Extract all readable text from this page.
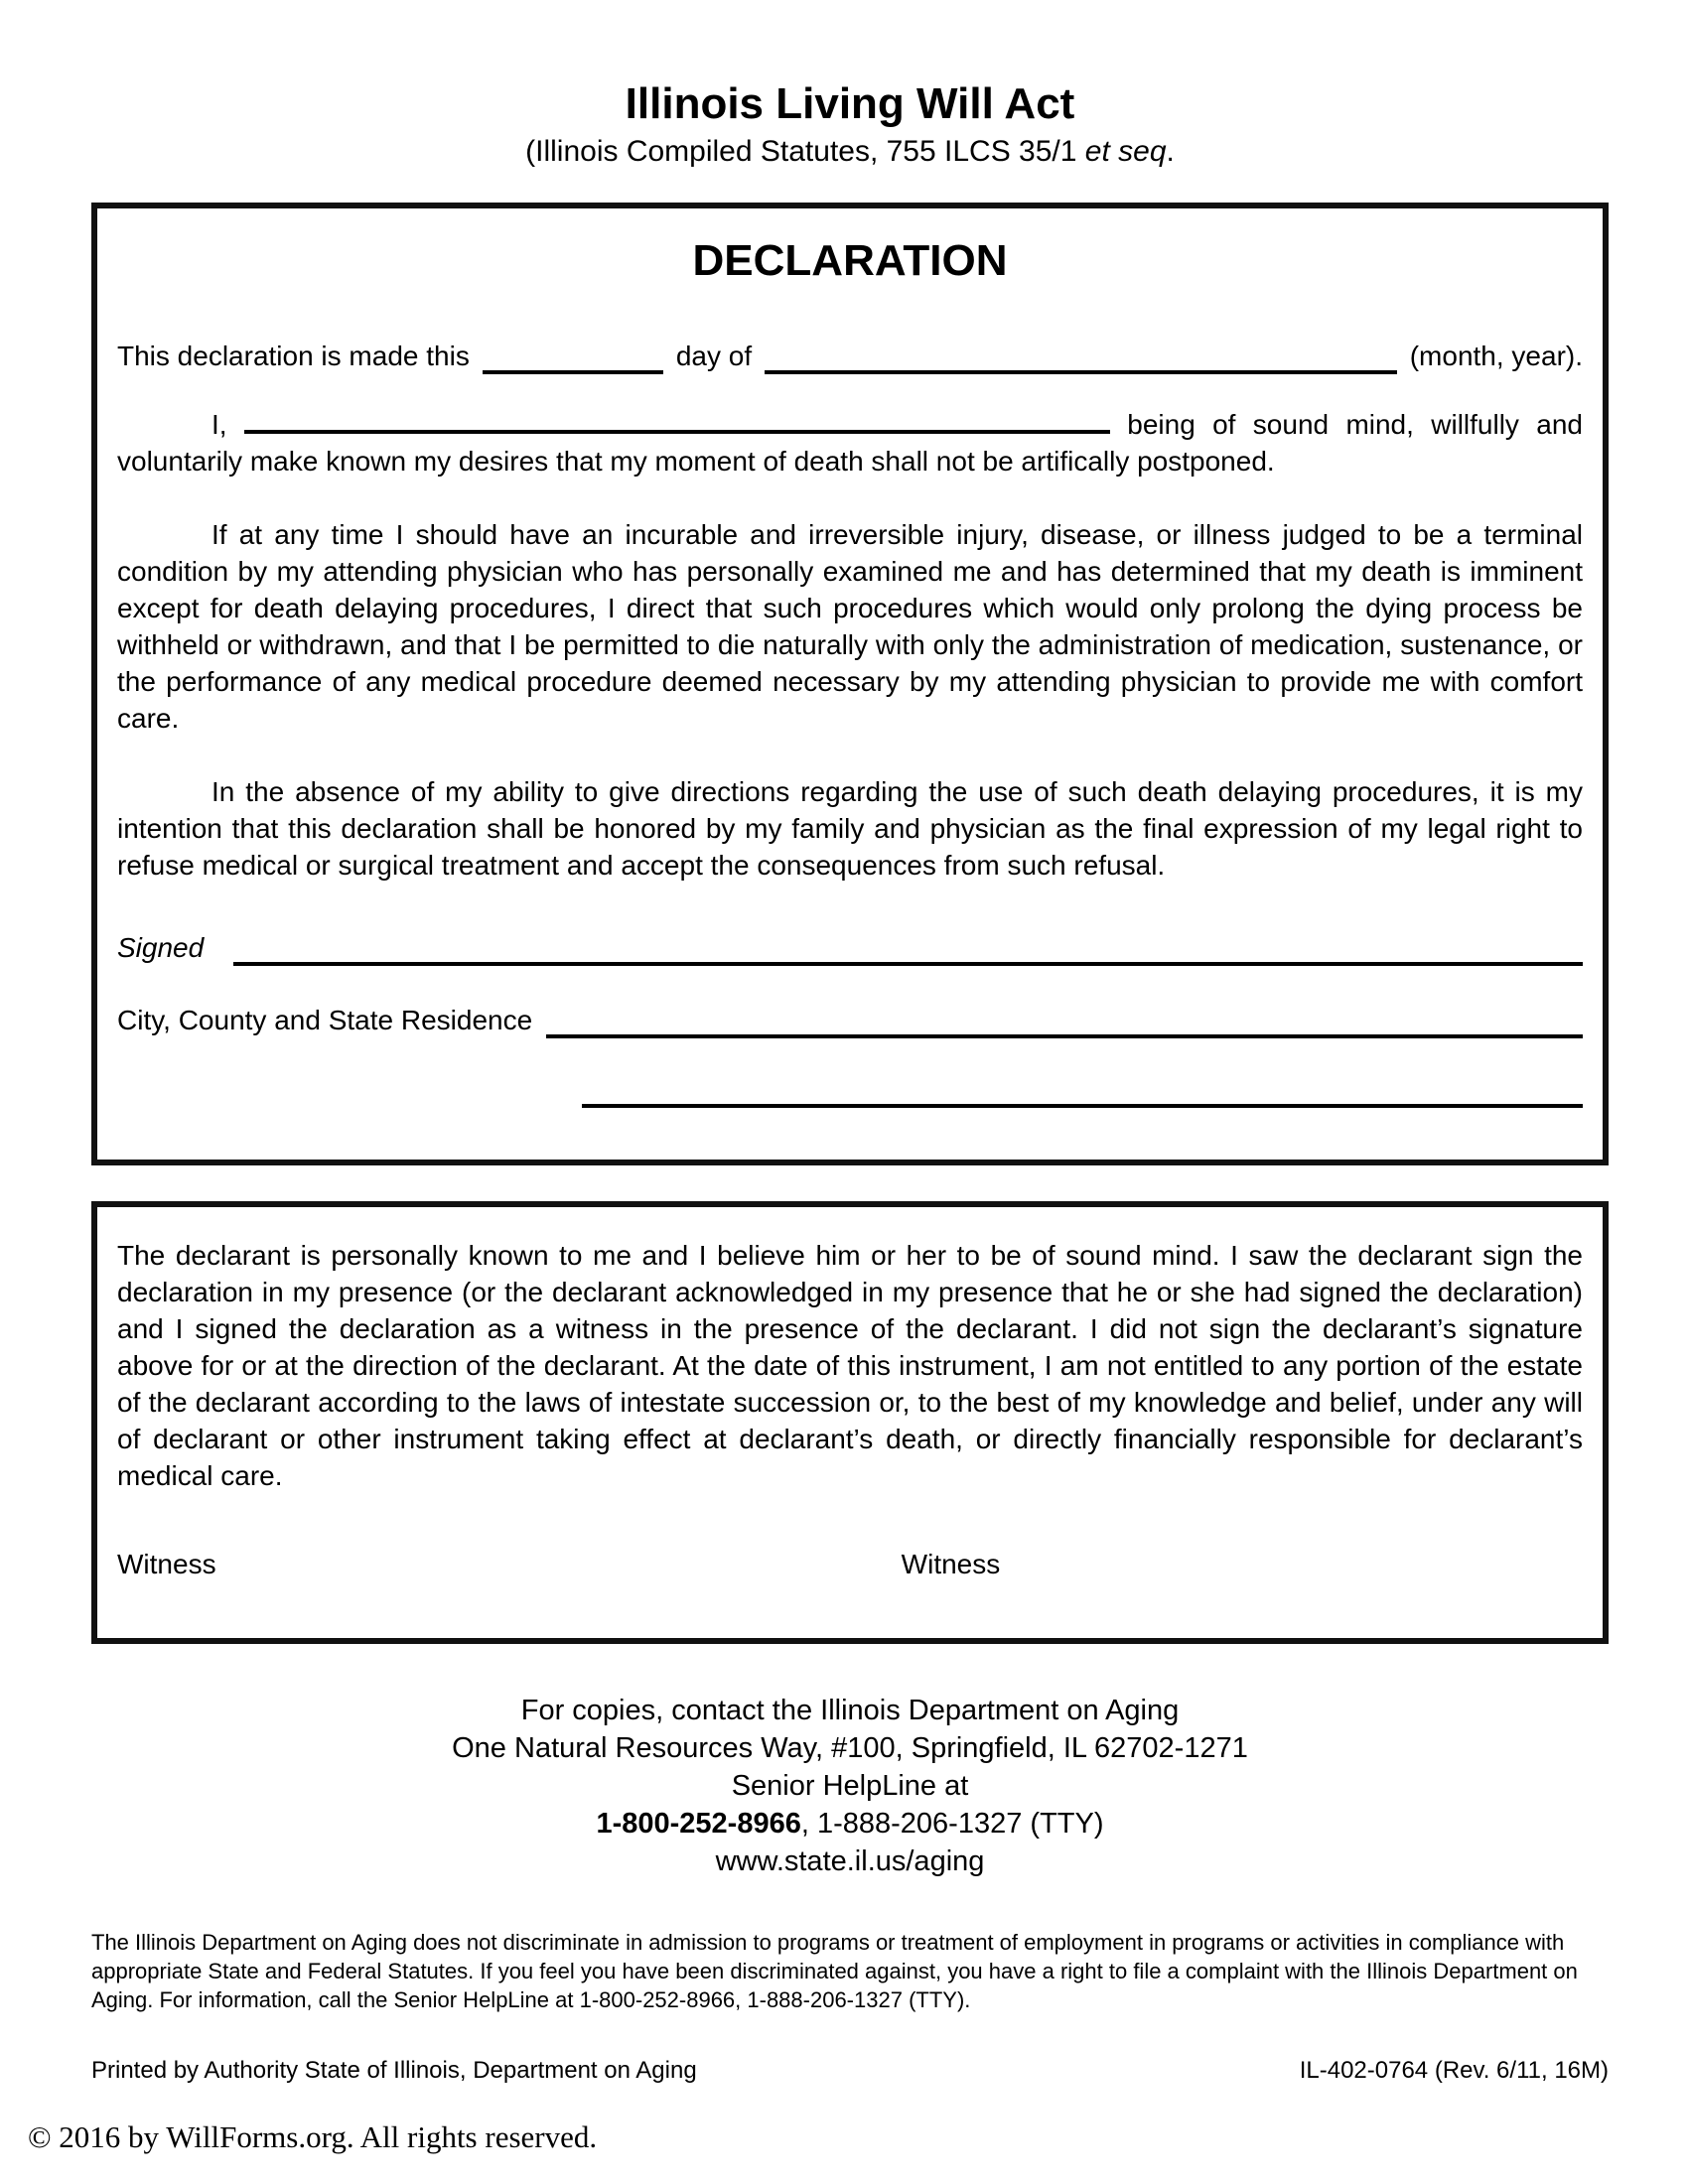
Illinois Living Will Act

(Illinois Compiled Statutes, 755 ILCS 35/1 et seq.

DECLARATION
This declaration is made this	day of	(month, year).

I,	being of sound mind, willfully and voluntarily make known my desires that my moment of death shall not be artifically postponed.

If at any time I should have an incurable and irreversible injury, disease, or illness judged to be a terminal condition by my attending physician who has personally examined me and has determined that my death is imminent except for death delaying procedures, I direct that such procedures which would only prolong the dying process be withheld or withdrawn, and that I be permitted to die naturally with only the administration of medication, sustenance, or the performance of any medical procedure deemed necessary by my attending physician to provide me with comfort care.

In the absence of my ability to give directions regarding the use of such death delaying procedures, it is my intention that this declaration shall be honored by my family and physician as the final expression of my legal right to refuse medical or surgical treatment and accept the consequences from such refusal.

Signed
City, County and State Residence

The declarant is personally known to me and I believe him or her to be of sound mind. I saw the declarant sign the declaration in my presence (or the declarant acknowledged in my presence that he or she had signed the declaration) and I signed the declaration as a witness in the presence of the declarant. I did not sign the declarant’s signature above for or at the direction of the declarant. At the date of this instrument, I am not entitled to any portion of the estate of the declarant according to the laws of intestate succession or, to the best of my knowledge and belief, under any will of declarant or other instrument taking effect at declarant’s death, or directly financially responsible for declarant’s medical care.

Witness	Witness
For copies, contact the Illinois Department on Aging
One Natural Resources Way, #100, Springfield, IL 62702-1271
Senior HelpLine at
1-800-252-8966, 1-888-206-1327 (TTY)
www.state.il.us/aging

The Illinois Department on Aging does not discriminate in admission to programs or treatment of employment in programs or activities in compliance with appropriate State and Federal Statutes. If you feel you have been discriminated against, you have a right to file a complaint with the Illinois Department on Aging. For information, call the Senior HelpLine at 1-800-252-8966, 1-888-206-1327 (TTY).

Printed by Authority State of Illinois, Department on Aging	IL-402-0764 (Rev. 6/11, 16M)
© 2016 by WillForms.org. All rights reserved.
